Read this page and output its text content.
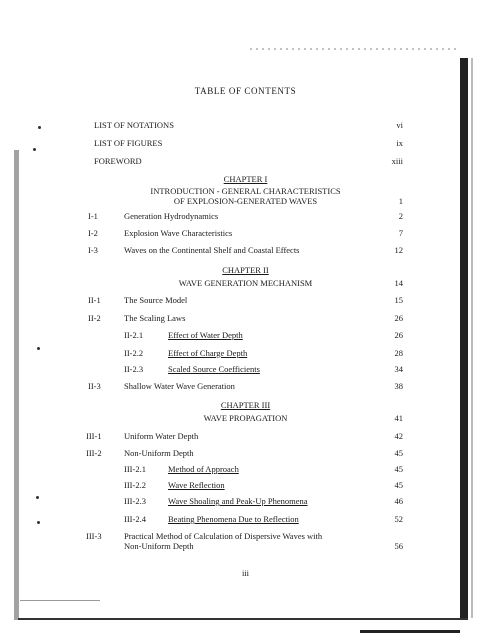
TABLE OF CONTENTS
LIST OF NOTATIONS	vi
LIST OF FIGURES	ix
FOREWORD	xiii
CHAPTER I
INTRODUCTION - GENERAL CHARACTERISTICS
OF EXPLOSION-GENERATED WAVES	1
I-1	Generation Hydrodynamics	2
I-2	Explosion Wave Characteristics	7
I-3	Waves on the Continental Shelf and Coastal Effects	12
CHAPTER II
WAVE GENERATION MECHANISM	14
II-1	The Source Model	15
II-2	The Scaling Laws	26
II-2.1	Effect of Water Depth	26
II-2.2	Effect of Charge Depth	28
II-2.3	Scaled Source Coefficients	34
II-3	Shallow Water Wave Generation	38
CHAPTER III
WAVE PROPAGATION	41
III-1	Uniform Water Depth	42
III-2	Non-Uniform Depth	45
III-2.1	Method of Approach	45
III-2.2	Wave Reflection	45
III-2.3	Wave Shoaling and Peak-Up Phenomena	46
III-2.4	Beating Phenomena Due to Reflection	52
III-3	Practical Method of Calculation of Dispersive Waves with
Non-Uniform Depth	56
iii
